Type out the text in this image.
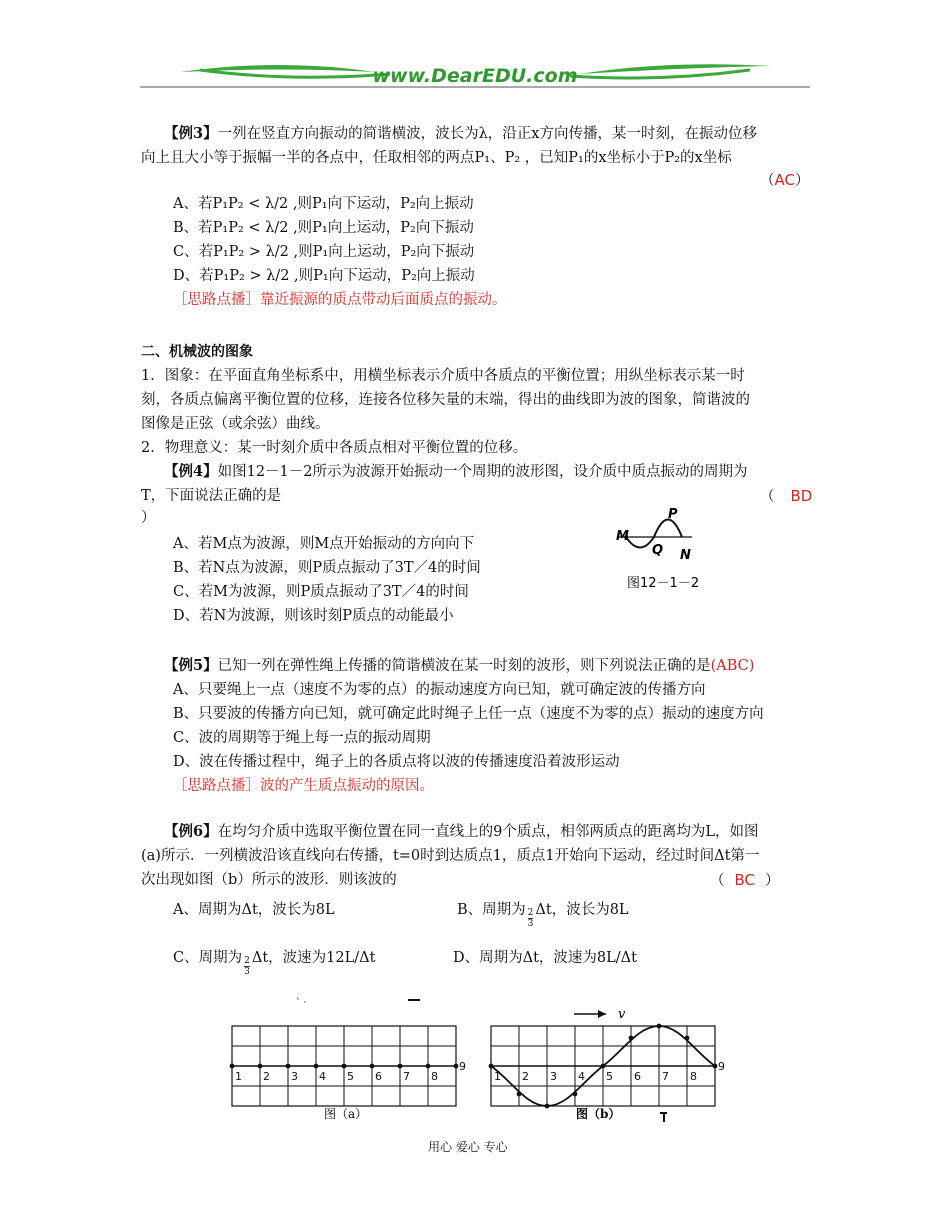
www.DearEDU.com
【例3】一列在竖直方向振动的简谐横波，波长为λ，沿正x方向传播，某一时刻，在振动位移
向上且大小等于振幅一半的各点中，任取相邻的两点P₁、P₂ ，已知P₁的x坐标小于P₂的x坐标
（AC）
A、若P₁P₂ < λ/2 ,则P₁向下运动，P₂向上振动
B、若P₁P₂ < λ/2 ,则P₁向上运动，P₂向下振动
C、若P₁P₂ > λ/2 ,则P₁向上运动，P₂向下振动
D、若P₁P₂ > λ/2 ,则P₁向下运动，P₂向上振动
［思路点播］靠近振源的质点带动后面质点的振动。
二、机械波的图象
1．图象：在平面直角坐标系中，用横坐标表示介质中各质点的平衡位置；用纵坐标表示某一时
刻，各质点偏离平衡位置的位移，连接各位移矢量的末端，得出的曲线即为波的图象，简谐波的
图像是正弦（或余弦）曲线。
2．物理意义：某一时刻介质中各质点相对平衡位置的位移。
【例4】如图12－1－2所示为波源开始振动一个周期的波形图，设介质中质点振动的周期为
T，下面说法正确的是	（ BD
）
A、若M点为波源，则M点开始振动的方向向下
B、若N点为波源，则P质点振动了3T／4的时间
C、若M为波源，则P质点振动了3T／4的时间
D、若N为波源，则该时刻P质点的动能最小
P
M
Q N
图12－1－2
【例5】已知一列在弹性绳上传播的简谐横波在某一时刻的波形，则下列说法正确的是(ABC)
A、只要绳上一点（速度不为零的点）的振动速度方向已知，就可确定波的传播方向
B、只要波的传播方向已知，就可确定此时绳子上任一点（速度不为零的点）振动的速度方向
C、波的周期等于绳上每一点的振动周期
D、波在传播过程中，绳子上的各质点将以波的传播速度沿着波形运动
［思路点播］波的产生质点振动的原因。
【例6】在均匀介质中选取平衡位置在同一直线上的9个质点，相邻两质点的距离均为L，如图
(a)所示．一列横波沿该直线向右传播，t=0时到达质点1，质点1开始向下运动，经过时间Δt第一
次出现如图（b）所示的波形．则该波的	（ BC ）
A、周期为Δt，波长为8L	B、周期为 $\frac{2}{3}$ Δt，波长为8L
C、周期为 $\frac{2}{3}$ Δt，波速为12L/Δt	D、周期为Δt，波速为8L/Δt
` ·
1 2 3 4 5 6 7 8
9
图（a）
v
1 2 3 4 5 6 7 8
9
图（b）
用心 爱心 专心
